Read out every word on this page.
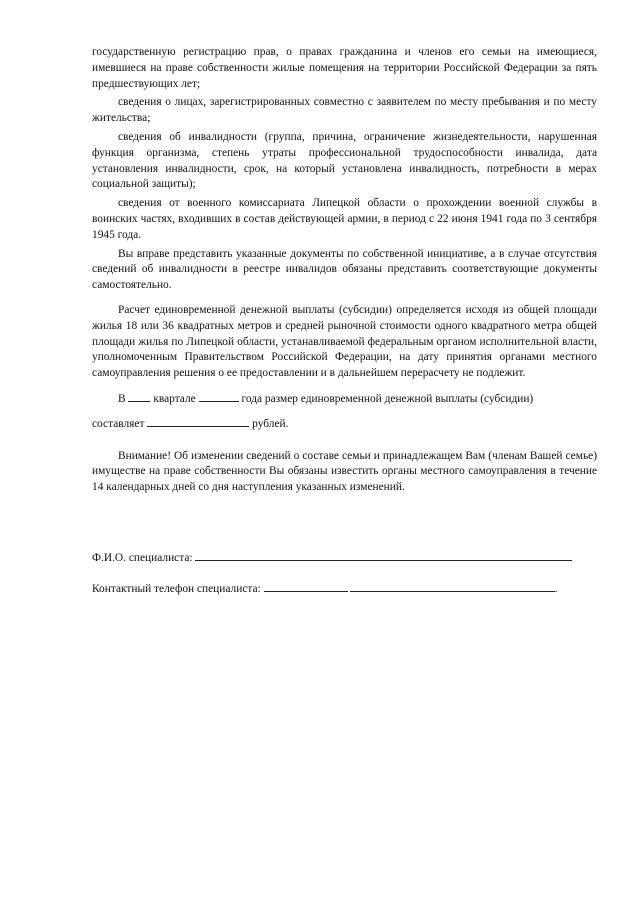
государственную регистрацию прав, о правах гражданина и членов его семьи на имеющиеся, имевшиеся на праве собственности жилые помещения на территории Российской Федерации за пять предшествующих лет;

сведения о лицах, зарегистрированных совместно с заявителем по месту пребывания и по месту жительства;

сведения об инвалидности (группа, причина, ограничение жизнедеятельности, нарушенная функция организма, степень утраты профессиональной трудоспособности инвалида, дата установления инвалидности, срок, на который установлена инвалидность, потребности в мерах социальной защиты);

сведения от военного комиссариата Липецкой области о прохождении военной службы в воинских частях, входивших в состав действующей армии, в период с 22 июня 1941 года по 3 сентября 1945 года.

Вы вправе представить указанные документы по собственной инициативе, а в случае отсутствия сведений об инвалидности в реестре инвалидов обязаны представить соответствующие документы самостоятельно.

Расчет единовременной денежной выплаты (субсидии) определяется исходя из общей площади жилья 18 или 36 квадратных метров и средней рыночной стоимости одного квадратного метра общей площади жилья по Липецкой области, устанавливаемой федеральным органом исполнительной власти, уполномоченным Правительством Российской Федерации, на дату принятия органами местного самоуправления решения о ее предоставлении и в дальнейшем перерасчету не подлежит.

В квартале	года размер единовременной денежной выплаты (субсидии)

составляет	рублей.

Внимание! Об изменении сведений о составе семьи и принадлежащем Вам (членам Вашей семье) имуществе на праве собственности Вы обязаны известить органы местного самоуправления в течение 14 календарных дней со дня наступления указанных изменений.

Ф.И.О. специалиста:
Контактный телефон специалиста:	.
